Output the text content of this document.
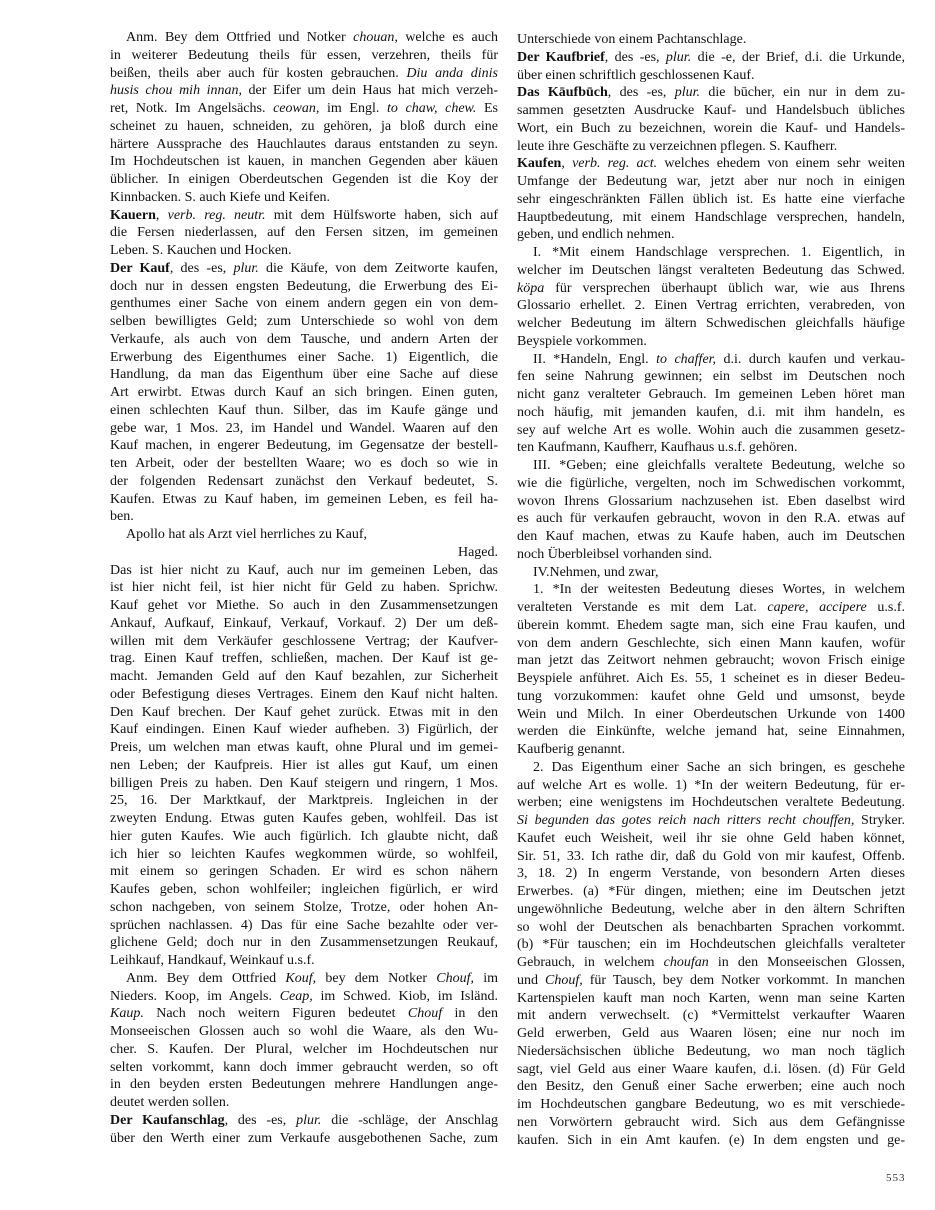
Anm. Bey dem Ottfried und Notker chouan, welche es auch
in weiterer Bedeutung theils für essen, verzehren, theils für
beißen, theils aber auch für kosten gebrauchen. Diu anda dinis
husis chou mih innan, der Eifer um dein Haus hat mich verzeh-
ret, Notk. Im Angelsächs. ceowan, im Engl. to chaw, chew. Es
scheinet zu hauen, schneiden, zu gehören, ja bloß durch eine
härtere Aussprache des Hauchlautes daraus entstanden zu seyn.
Im Hochdeutschen ist kauen, in manchen Gegenden aber käuen
üblicher. In einigen Oberdeutschen Gegenden ist die Koy der
Kinnbacken. S. auch Kiefe und Keifen.
Kauern, verb. reg. neutr. mit dem Hülfsworte haben, sich auf
die Fersen niederlassen, auf den Fersen sitzen, im gemeinen
Leben. S. Kauchen und Hocken.
Der Kauf, des -es, plur. die Käufe, von dem Zeitworte kaufen,
doch nur in dessen engsten Bedeutung, die Erwerbung des Ei-
genthumes einer Sache von einem andern gegen ein von dem-
selben bewilligtes Geld; zum Unterschiede so wohl von dem
Verkaufe, als auch von dem Tausche, und andern Arten der
Erwerbung des Eigenthumes einer Sache. 1) Eigentlich, die
Handlung, da man das Eigenthum über eine Sache auf diese
Art erwirbt. Etwas durch Kauf an sich bringen. Einen guten,
einen schlechten Kauf thun. Silber, das im Kaufe gänge und
gebe war, 1 Mos. 23, im Handel und Wandel. Waaren auf den
Kauf machen, in engerer Bedeutung, im Gegensatze der bestell-
ten Arbeit, oder der bestellten Waare; wo es doch so wie in
der folgenden Redensart zunächst den Verkauf bedeutet, S.
Kaufen. Etwas zu Kauf haben, im gemeinen Leben, es feil ha-
ben.
Apollo hat als Arzt viel herrliches zu Kauf,
Haged.
Das ist hier nicht zu Kauf, auch nur im gemeinen Leben, das
ist hier nicht feil, ist hier nicht für Geld zu haben. Sprichw.
Kauf gehet vor Miethe. So auch in den Zusammensetzungen
Ankauf, Aufkauf, Einkauf, Verkauf, Vorkauf. 2) Der um deß-
willen mit dem Verkäufer geschlossene Vertrag; der Kaufver-
trag. Einen Kauf treffen, schließen, machen. Der Kauf ist ge-
macht. Jemanden Geld auf den Kauf bezahlen, zur Sicherheit
oder Befestigung dieses Vertrages. Einem den Kauf nicht halten.
Den Kauf brechen. Der Kauf gehet zurück. Etwas mit in den
Kauf eindingen. Einen Kauf wieder aufheben. 3) Figürlich, der
Preis, um welchen man etwas kauft, ohne Plural und im gemei-
nen Leben; der Kaufpreis. Hier ist alles gut Kauf, um einen
billigen Preis zu haben. Den Kauf steigern und ringern, 1 Mos.
25, 16. Der Marktkauf, der Marktpreis. Ingleichen in der
zweyten Endung. Etwas guten Kaufes geben, wohlfeil. Das ist
hier guten Kaufes. Wie auch figürlich. Ich glaubte nicht, daß
ich hier so leichten Kaufes wegkommen würde, so wohlfeil,
mit einem so geringen Schaden. Er wird es schon nähern
Kaufes geben, schon wohlfeiler; ingleichen figürlich, er wird
schon nachgeben, von seinem Stolze, Trotze, oder hohen An-
sprüchen nachlassen. 4) Das für eine Sache bezahlte oder ver-
glichene Geld; doch nur in den Zusammensetzungen Reukauf,
Leihkauf, Handkauf, Weinkauf u.s.f.
Anm. Bey dem Ottfried Kouf, bey dem Notker Chouf, im
Nieders. Koop, im Angels. Ceap, im Schwed. Kiob, im Isländ.
Kaup. Nach noch weitern Figuren bedeutet Chouf in den
Monseeischen Glossen auch so wohl die Waare, als den Wu-
cher. S. Kaufen. Der Plural, welcher im Hochdeutschen nur
selten vorkommt, kann doch immer gebraucht werden, so oft
in den beyden ersten Bedeutungen mehrere Handlungen ange-
deutet werden sollen.
Der Kaufanschlag, des -es, plur. die -schläge, der Anschlag
über den Werth einer zum Verkaufe ausgebothenen Sache, zum
Unterschiede von einem Pachtanschlage.
Der Kaufbrief, des -es, plur. die -e, der Brief, d.i. die Urkunde,
über einen schriftlich geschlossenen Kauf.
Das Kāufbūch, des -es, plur. die būcher, ein nur in dem zu-
sammen gesetzten Ausdrucke Kauf- und Handelsbuch übliches
Wort, ein Buch zu bezeichnen, worein die Kauf- und Handels-
leute ihre Geschäfte zu verzeichnen pflegen. S. Kaufherr.
Kaufen, verb. reg. act. welches ehedem von einem sehr weiten
Umfange der Bedeutung war, jetzt aber nur noch in einigen
sehr eingeschränkten Fällen üblich ist. Es hatte eine vierfache
Hauptbedeutung, mit einem Handschlage versprechen, handeln,
geben, und endlich nehmen.
I. *Mit einem Handschlage versprechen. 1. Eigentlich, in
welcher im Deutschen längst veralteten Bedeutung das Schwed.
köpa für versprechen überhaupt üblich war, wie aus Ihrens
Glossario erhellet. 2. Einen Vertrag errichten, verabreden, von
welcher Bedeutung im ältern Schwedischen gleichfalls häufige
Beyspiele vorkommen.
II. *Handeln, Engl. to chaffer, d.i. durch kaufen und verkau-
fen seine Nahrung gewinnen; ein selbst im Deutschen noch
nicht ganz veralteter Gebrauch. Im gemeinen Leben höret man
noch häufig, mit jemanden kaufen, d.i. mit ihm handeln, es
sey auf welche Art es wolle. Wohin auch die zusammen gesetz-
ten Kaufmann, Kaufherr, Kaufhaus u.s.f. gehören.
III. *Geben; eine gleichfalls veraltete Bedeutung, welche so
wie die figürliche, vergelten, noch im Schwedischen vorkommt,
wovon Ihrens Glossarium nachzusehen ist. Eben daselbst wird
es auch für verkaufen gebraucht, wovon in den R.A. etwas auf
den Kauf machen, etwas zu Kaufe haben, auch im Deutschen
noch Überbleibsel vorhanden sind.
IV.Nehmen, und zwar,
1. *In der weitesten Bedeutung dieses Wortes, in welchem
veralteten Verstande es mit dem Lat. capere, accipere u.s.f.
überein kommt. Ehedem sagte man, sich eine Frau kaufen, und
von dem andern Geschlechte, sich einen Mann kaufen, wofür
man jetzt das Zeitwort nehmen gebraucht; wovon Frisch einige
Beyspiele anführet. Aich Es. 55, 1 scheinet es in dieser Bedeu-
tung vorzukommen: kaufet ohne Geld und umsonst, beyde
Wein und Milch. In einer Oberdeutschen Urkunde von 1400
werden die Einkünfte, welche jemand hat, seine Einnahmen,
Kaufberig genannt.
2. Das Eigenthum einer Sache an sich bringen, es geschehe
auf welche Art es wolle. 1) *In der weitern Bedeutung, für er-
werben; eine wenigstens im Hochdeutschen veraltete Bedeutung.
Si begunden das gotes reich nach ritters recht chouffen, Stryker.
Kaufet euch Weisheit, weil ihr sie ohne Geld haben könnet,
Sir. 51, 33. Ich rathe dir, daß du Gold von mir kaufest, Offenb.
3, 18. 2) In engerm Verstande, von besondern Arten dieses
Erwerbes. (a) *Für dingen, miethen; eine im Deutschen jetzt
ungewöhnliche Bedeutung, welche aber in den ältern Schriften
so wohl der Deutschen als benachbarten Sprachen vorkommt.
(b) *Für tauschen; ein im Hochdeutschen gleichfalls veralteter
Gebrauch, in welchem choufan in den Monseeischen Glossen,
und Chouf, für Tausch, bey dem Notker vorkommt. In manchen
Kartenspielen kauft man noch Karten, wenn man seine Karten
mit andern verwechselt. (c) *Vermittelst verkaufter Waaren
Geld erwerben, Geld aus Waaren lösen; eine nur noch im
Niedersächsischen übliche Bedeutung, wo man noch täglich
sagt, viel Geld aus einer Waare kaufen, d.i. lösen. (d) Für Geld
den Besitz, den Genuß einer Sache erwerben; eine auch noch
im Hochdeutschen gangbare Bedeutung, wo es mit verschiede-
nen Vorwörtern gebraucht wird. Sich aus dem Gefängnisse
kaufen. Sich in ein Amt kaufen. (e) In dem engsten und ge-
553
